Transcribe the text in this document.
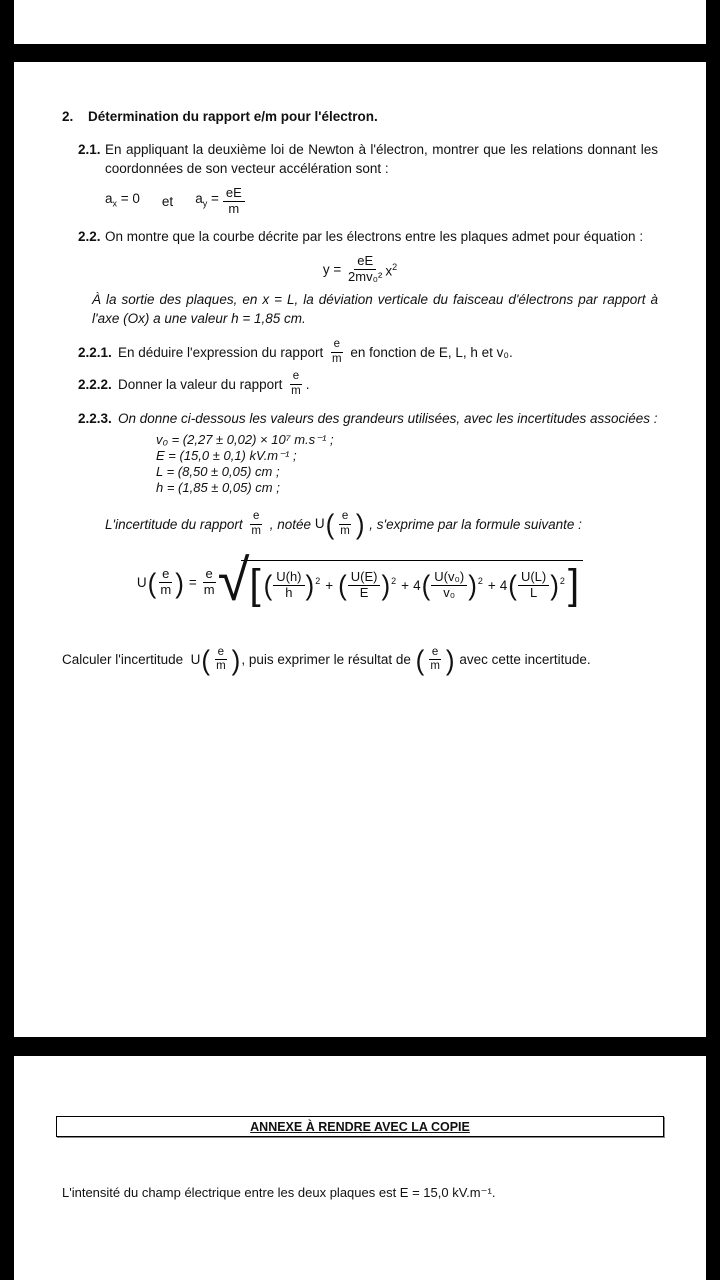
2.	Détermination du rapport e/m pour l'électron.
2.1. En appliquant la deuxième loi de Newton à l'électron, montrer que les relations donnant les coordonnées de son vecteur accélération sont :
$a_x = 0$ et $a_y = \frac{eE}{m}$
2.2. On montre que la courbe décrite par les électrons entre les plaques admet pour équation :
y =
$\frac{eE}{\text{2mv₀²}} x^2$
À la sortie des plaques, en x = L, la déviation verticale du faisceau d'électrons par rapport à l'axe (Ox) a une valeur h = 1,85 cm.
2.2.1. En déduire l'expression du rapport
$\frac{e}{m}$
en fonction de E, L, h et v₀.
2.2.2. Donner la valeur du rapport
$\frac{e}{m}$ .
2.2.3. On donne ci-dessous les valeurs des grandeurs utilisées, avec les incertitudes associées :
v₀ = (2,27 ± 0,02) × 10⁷ m.s⁻¹ ;
E = (15,0 ± 0,1) kV.m⁻¹ ;
L = (8,50 ± 0,05) cm ;
h = (1,85 ± 0,05) cm ;
L'incertitude du rapport $\frac{e}{m}$ , notée $U( \frac{e}{m}$ ) , s'exprime par la formule suivante :
U ( $\frac{e}{m}$ ) = $\frac{e}{m}$ √ [ ( $\frac{U(h)}{h}$ ) 2 + ( $\frac{U(E)}{E}$ ) 2 + 4 ( $\frac{\text{U(v₀)}}{\text{v₀}}$ ) 2 + 4 ( $\frac{U(L)}{L}$ ) 2 ]
Calculer l'incertitude $U( \frac{e}{m}$ ) , puis exprimer le résultat de ( $\frac{e}{m}$ ) avec cette incertitude.
ANNEXE À RENDRE AVEC LA COPIE
L'intensité du champ électrique entre les deux plaques est E = 15,0 kV.m⁻¹.
